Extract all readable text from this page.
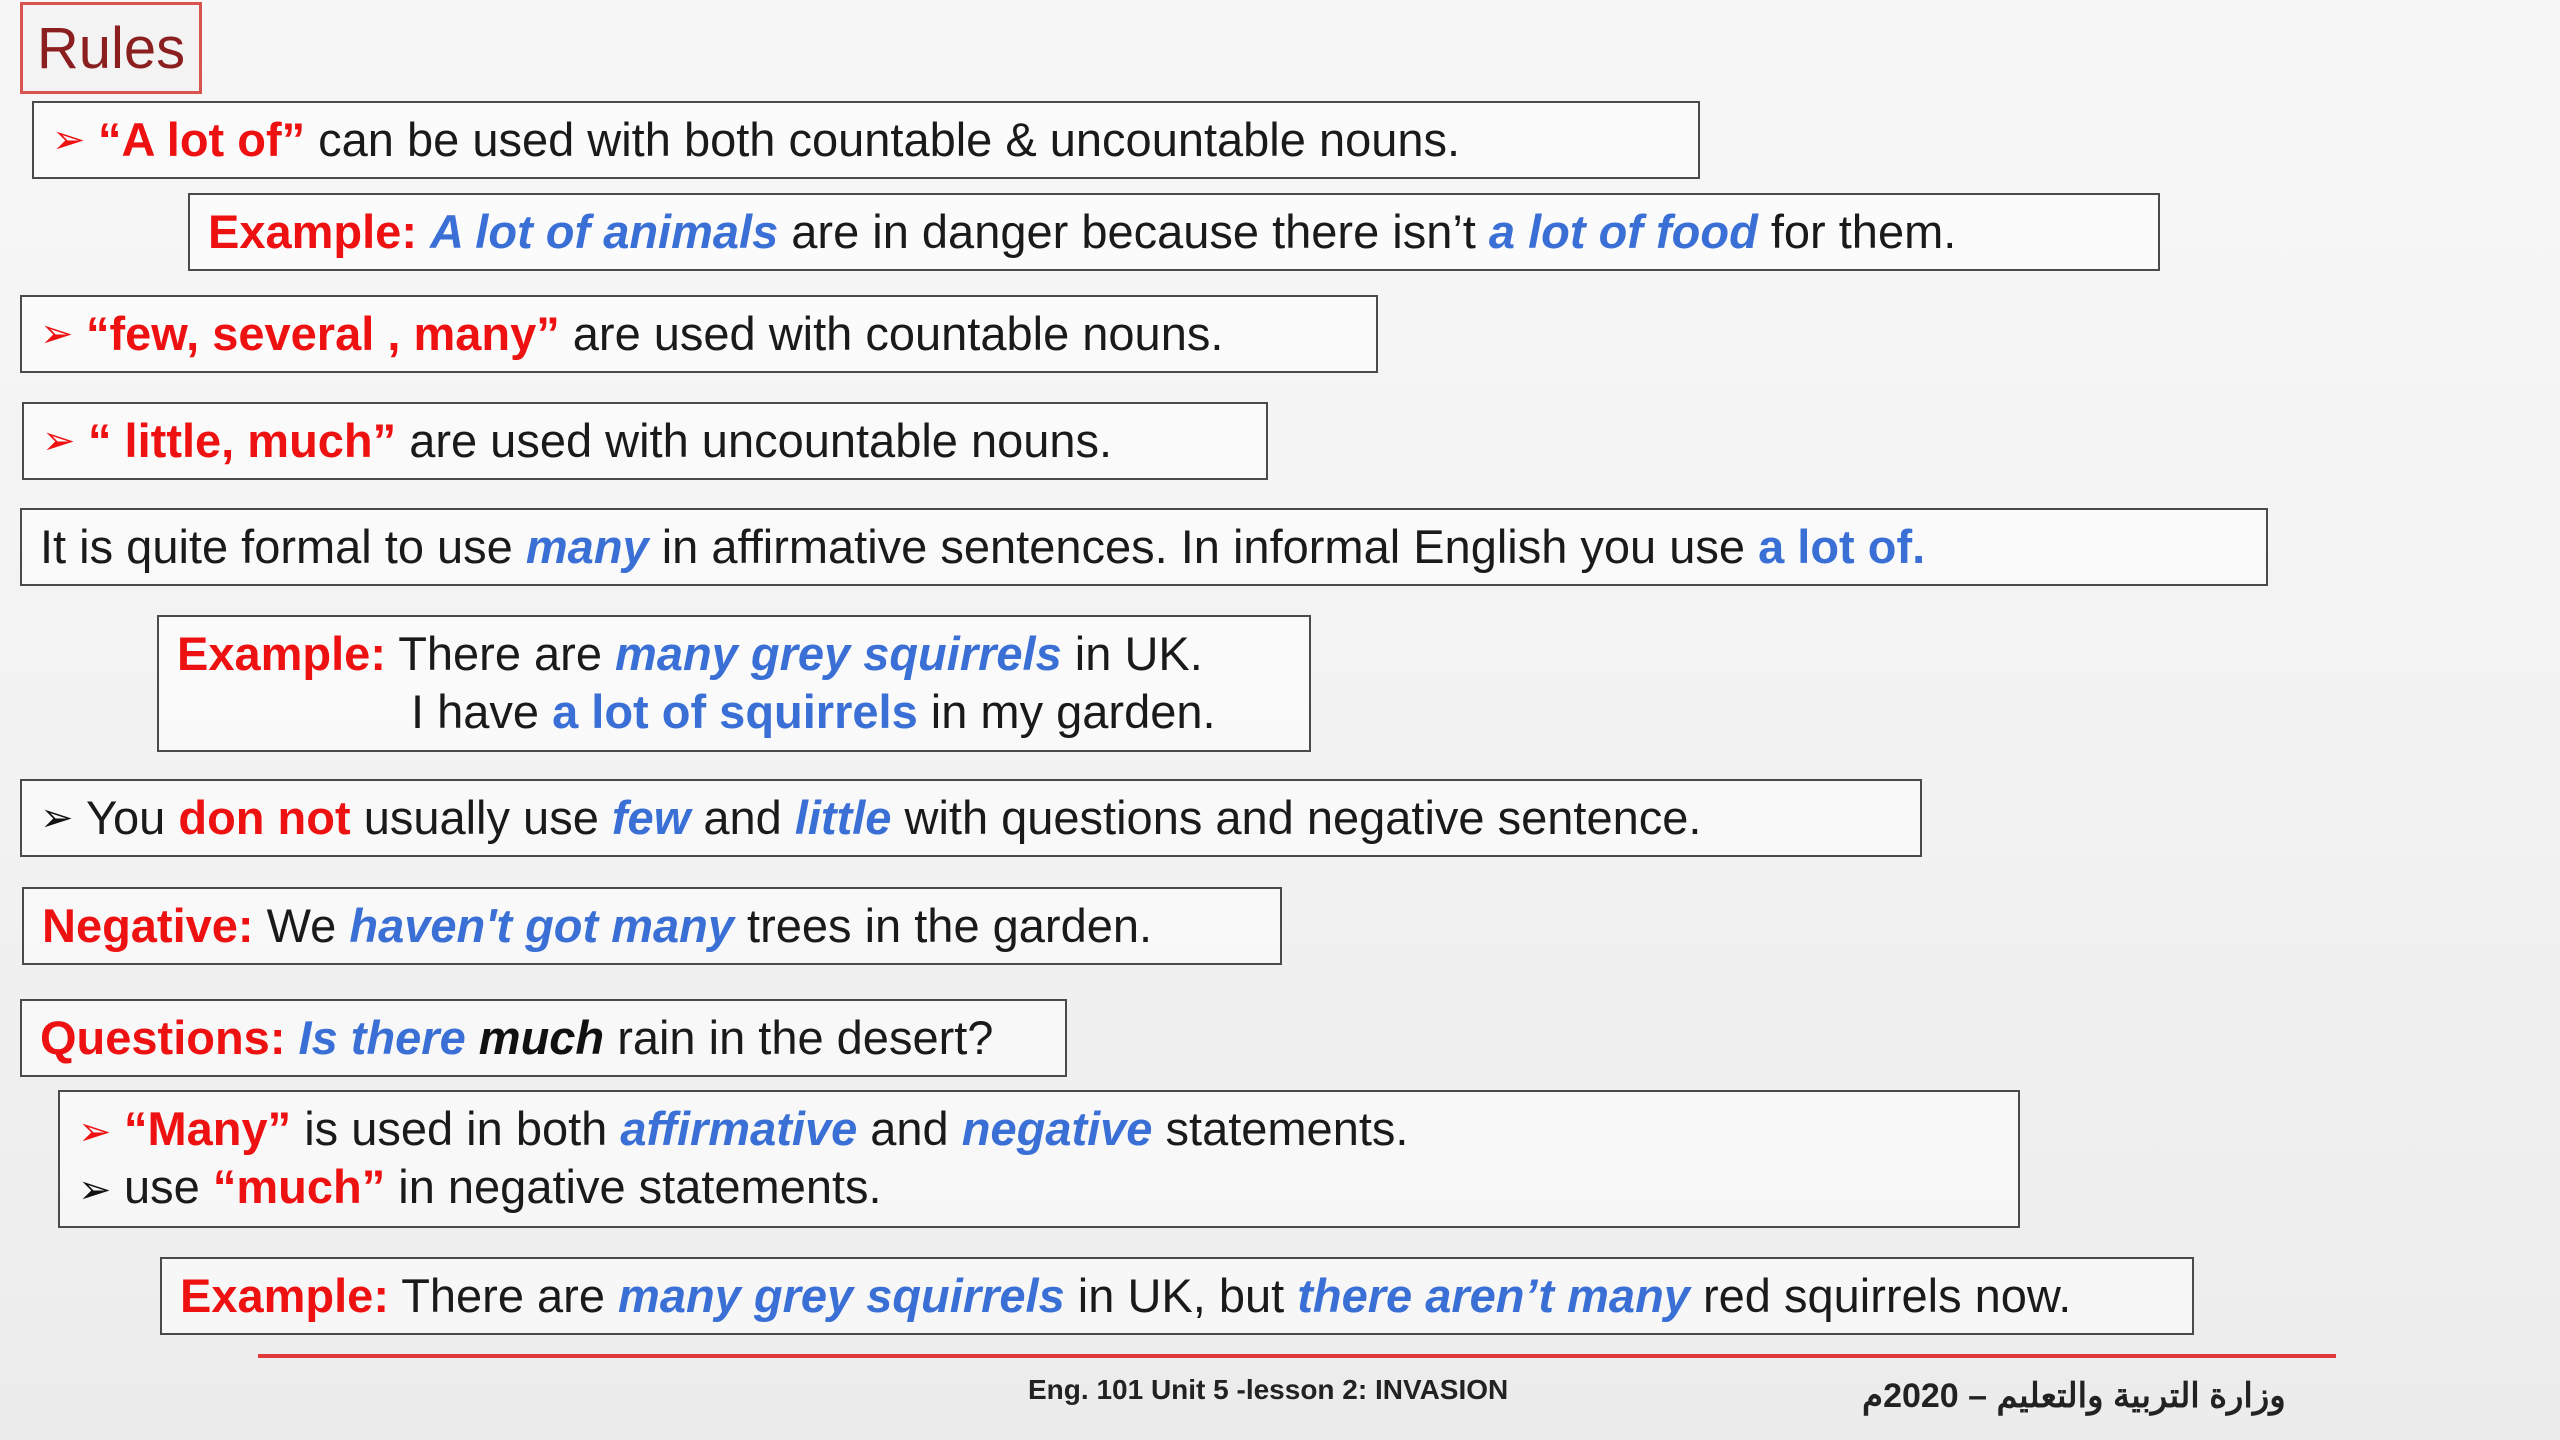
Rules
➢ “A lot of” can be used with both countable & uncountable nouns.
Example:
A lot of animals are in danger because there isn’t a lot of food for them.
➢ “few, several , many” are used with countable nouns.
➢ “ little, much” are used with uncountable nouns.
It is quite formal to use many in affirmative sentences. In informal English you use a lot of.
Example: There are many grey squirrels in UK.
I have a lot of squirrels in my garden.
➢ You don not usually use few and little with questions and negative sentence.
Negative: We haven't got many trees in the garden.
Questions:
Is there
much rain in the desert?
➢ “Many” is used in both affirmative and negative statements.
➢ use “much” in negative statements.
Example: There are many grey squirrels in UK, but there aren’t many red squirrels now.
Eng. 101 Unit 5 -lesson 2: INVASION	وزارة التربية والتعليم – 2020م
